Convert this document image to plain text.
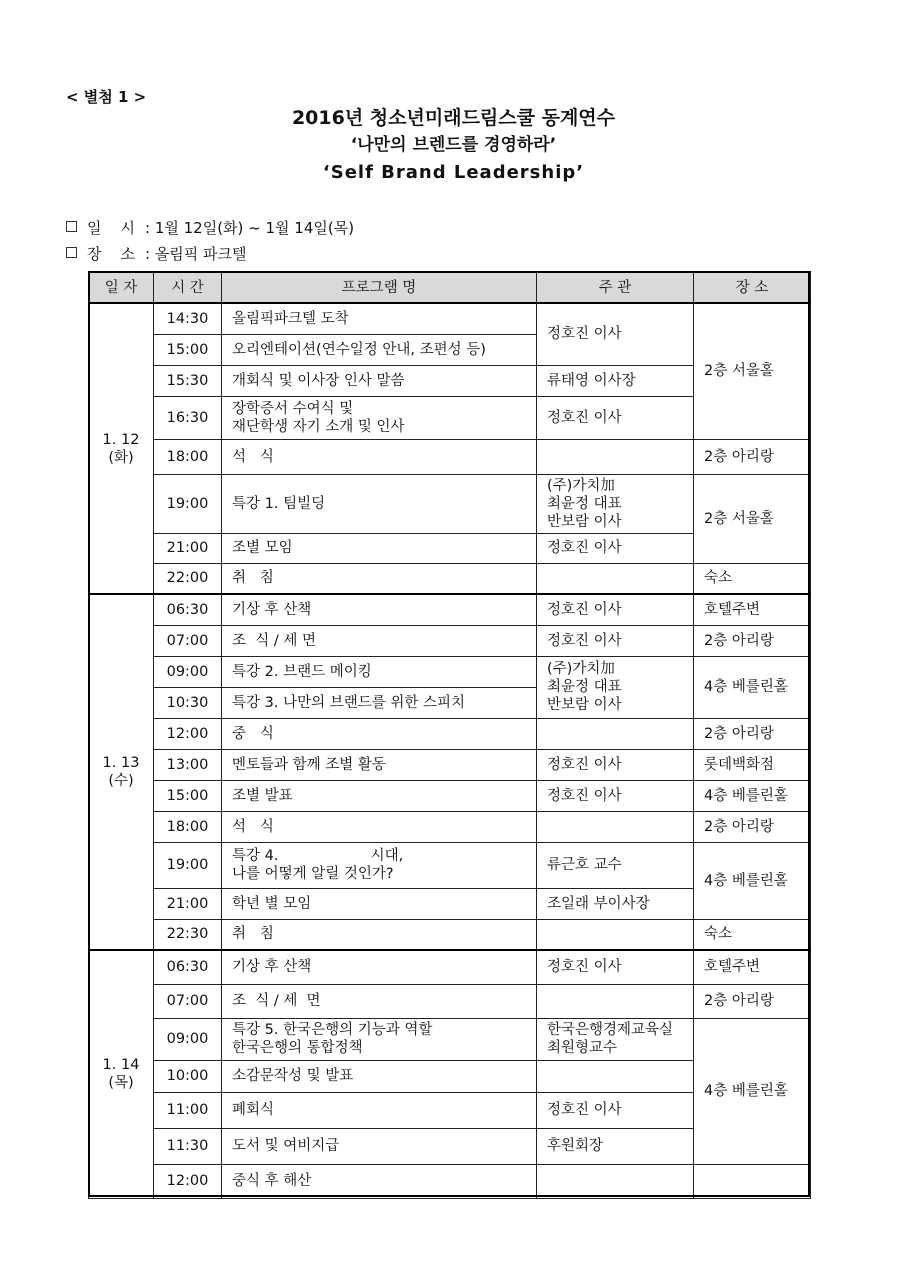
< 별첨 1 >
2016년 청소년미래드림스쿨 동계연수
‘나만의 브렌드를 경영하라’
‘Self Brand Leadership’
일    시 : 1월 12일(화) ~ 1월 14일(목)
장    소 : 올림픽 파크텔
일 자	시 간	프로그램 명	주 관	장 소
1. 12
(화)	14:30	올림픽파크텔 도착	정호진 이사	2층 서울홀
	15:00	오리엔테이션(연수일정 안내, 조편성 등)		
	15:30	개회식 및 이사장 인사 말씀	류태영 이사장	
	16:30	장학증서 수여식 및
재단학생 자기 소개 및 인사	정호진 이사	
	18:00	석   식		2층 아리랑
	19:00	특강 1. 팀빌딩	(주)가치加
최윤정 대표
반보람 이사	2층 서울홀
	21:00	조별 모임	정호진 이사	
	22:00	취   침		숙소
1. 13
(수)	06:30	기상 후 산책	정호진 이사	호텔주변
	07:00	조  식 / 세 면	정호진 이사	2층 아리랑
	09:00	특강 2. 브랜드 메이킹	(주)가치加
최윤정 대표
반보람 이사	4층 베를린홀
	10:30	특강 3. 나만의 브랜드를 위한 스피치		
	12:00	중   식		2층 아리랑
	13:00	멘토들과 함께 조별 활동	정호진 이사	롯데백화점
	15:00	조별 발표	정호진 이사	4층 베를린홀
	18:00	석   식		2층 아리랑
	19:00	특강 4.                    시대,
나를 어떻게 알릴 것인가?	류근호 교수	4층 베를린홀
	21:00	학년 별 모임	조일래 부이사장	
	22:30	취   침		숙소
1. 14
(목)	06:30	기상 후 산책	정호진 이사	호텔주변
	07:00	조  식 / 세  면		2층 아리랑
	09:00	특강 5. 한국은행의 기능과 역할
한국은행의 통합정책	한국은행경제교육실
최원형교수	4층 베를린홀
	10:00	소감문작성 및 발표		
	11:00	폐회식	정호진 이사	
	11:30	도서 및 여비지급	후원회장	
	12:00	중식 후 해산		
